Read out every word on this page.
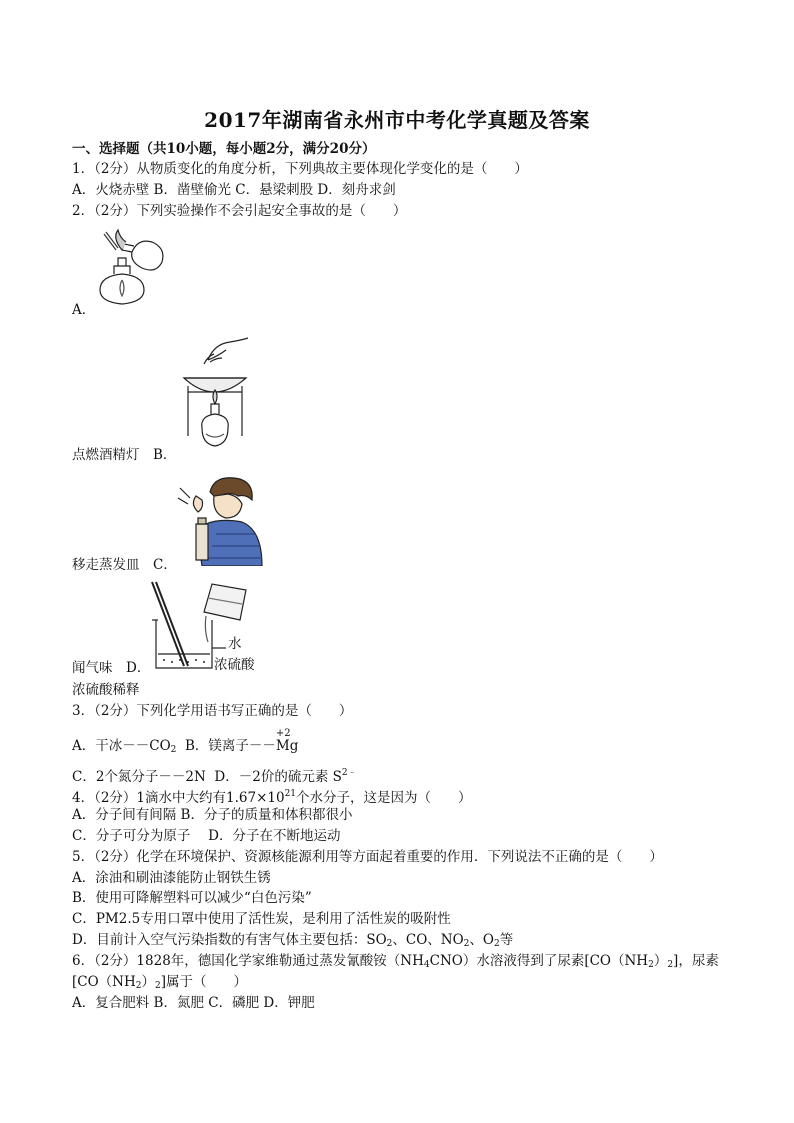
2017年湖南省永州市中考化学真题及答案
一、选择题（共10小题，每小题2分，满分20分）
1．（2分）从物质变化的角度分析，下列典故主要体现化学变化的是（　　）
A．火烧赤壁 B．凿壁偷光 C．悬梁刺股 D．刻舟求剑
2．（2分）下列实验操作不会引起安全事故的是（　　）
A．
点燃酒精灯　 B．
移走蒸发皿　 C．
水
浓硫酸
闻气味　 D．
浓硫酸稀释
3．（2分）下列化学用语书写正确的是（　　）
A．干冰$--CO_2$  B．镁离子－－
+2
Mg
C．2个氮分子－－2N  D．－2价的硫元素 $S^{2﹣}$
4．（2分）1滴水中大约有$1.67\times 10^{21}$个水分子，这是因为（　　）
A．分子间有间隔 B．分子的质量和体积都很小
C．分子可分为原子　 D．分子在不断地运动
5．（2分）化学在环境保护、资源核能源利用等方面起着重要的作用．下列说法不正确的是（　　）
A．涂油和刷油漆能防止钢铁生锈
B．使用可降解塑料可以减少“白色污染”
C．PM2.5专用口罩中使用了活性炭，是利用了活性炭的吸附性
D．目前计入空气污染指数的有害气体主要包括：$SO_2$、CO、$NO_2$、$O_2$等
6．（2分）1828年，德国化学家维勒通过蒸发氰酸铵$(NH_4CNO)$水溶液得到了尿素$[CO(NH_2)_2]$，尿素
$[CO(NH_2)_2]$属于（　　）
A．复合肥料 B．氮肥 C．磷肥 D．钾肥
